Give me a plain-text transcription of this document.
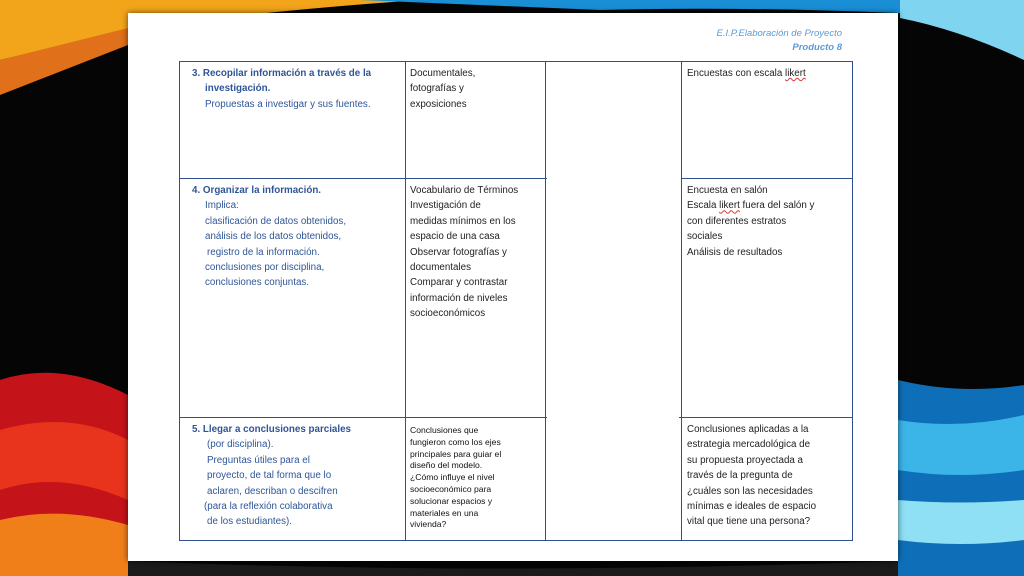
E.I.P.Elaboración de Proyecto
Producto 8
3. Recopilar información a través de la
investigación.
Propuestas a investigar y sus fuentes.
Documentales,
fotografías y
exposiciones
Encuestas con escala likert
4. Organizar la información.
Implica:
clasificación de datos obtenidos,
análisis de los datos obtenidos,
registro de la información.
conclusiones por disciplina,
conclusiones conjuntas.
Vocabulario de Términos
Investigación de
medidas mínimos en los
espacio de una casa
Observar fotografías y
documentales
Comparar y contrastar
información de niveles
socioeconómicos
Encuesta en salón
Escala likert fuera del salón y
con diferentes estratos
sociales
Análisis de resultados
5. Llegar a conclusiones parciales
(por disciplina).
Preguntas útiles para el
proyecto, de tal forma que lo
aclaren, describan o descifren
(para la reflexión colaborativa
de los estudiantes).
Conclusiones que
fungieron como los ejes
principales para guiar el
diseño del modelo.
¿Cómo influye el nivel
socioeconómico para
solucionar espacios y
materiales en una
vivienda?
Conclusiones aplicadas a la
estrategia mercadológica de
su propuesta proyectada a
través de la pregunta de
¿cuáles son las necesidades
mínimas e ideales de espacio
vital que tiene una persona?
